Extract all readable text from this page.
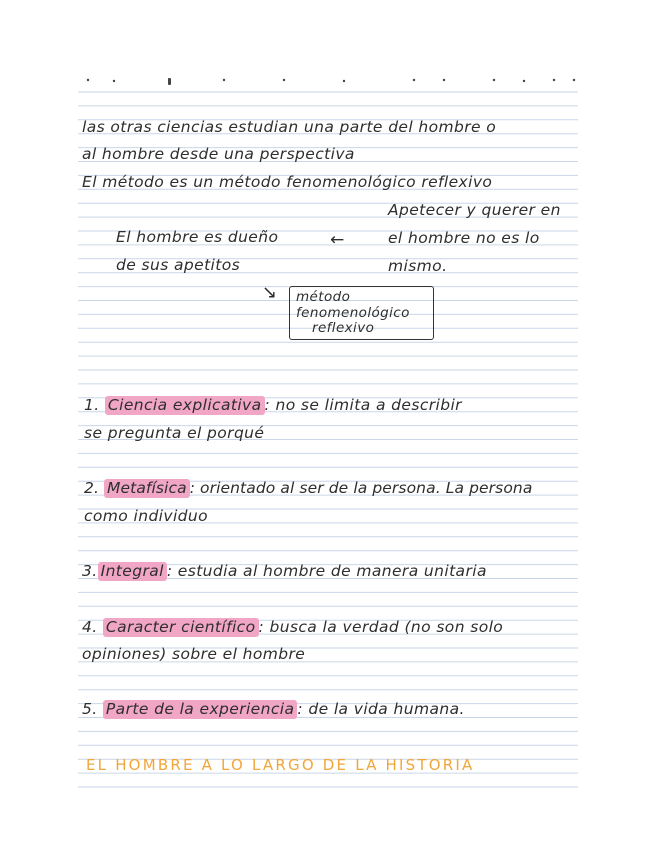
las otras ciencias estudian una parte del hombre o
al hombre desde una perspectiva
El método es un método fenomenológico reflexivo
El hombre es dueño
de sus apetitos
←
Apetecer y querer en
el hombre no es lo
mismo.
↘ método
fenomenológico
reflexivo
1. Ciencia explicativa : no se limita a describir
se pregunta el porqué
2. Metafísica : orientado al ser de la persona. La persona
como individuo
3. Integral : estudia al hombre de manera unitaria
4. Caracter científico : busca la verdad (no son solo
opiniones) sobre el hombre
5. Parte de la experiencia : de la vida humana.
EL HOMBRE A LO LARGO DE LA HISTORIA
